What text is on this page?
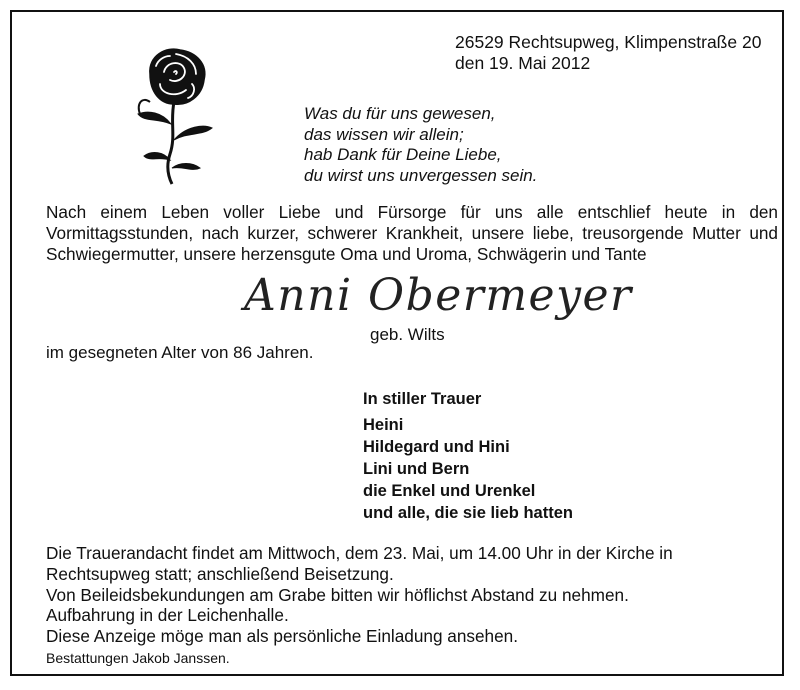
26529 Rechtsupweg, Klimpenstraße 20
den 19. Mai 2012
Was du für uns gewesen,
das wissen wir allein;
hab Dank für Deine Liebe,
du wirst uns unvergessen sein.

Nach einem Leben voller Liebe und Fürsorge für uns alle entschlief heute in den Vormittagsstunden, nach kurzer, schwerer Krankheit, unsere liebe, treusorgende Mutter und Schwiegermutter, unsere herzensgute Oma und Uroma, Schwägerin und Tante

Anni Obermeyer
geb. Wilts
im gesegneten Alter von 86 Jahren.
In stiller Trauer
Heini
Hildegard und Hini
Lini und Bern
die Enkel und Urenkel
und alle, die sie lieb hatten
Die Trauerandacht findet am Mittwoch, dem 23. Mai, um 14.00 Uhr in der Kirche in
Rechtsupweg statt; anschließend Beisetzung.
Von Beileidsbekundungen am Grabe bitten wir höflichst Abstand zu nehmen.
Aufbahrung in der Leichenhalle.
Diese Anzeige möge man als persönliche Einladung ansehen.
Bestattungen Jakob Janssen.
